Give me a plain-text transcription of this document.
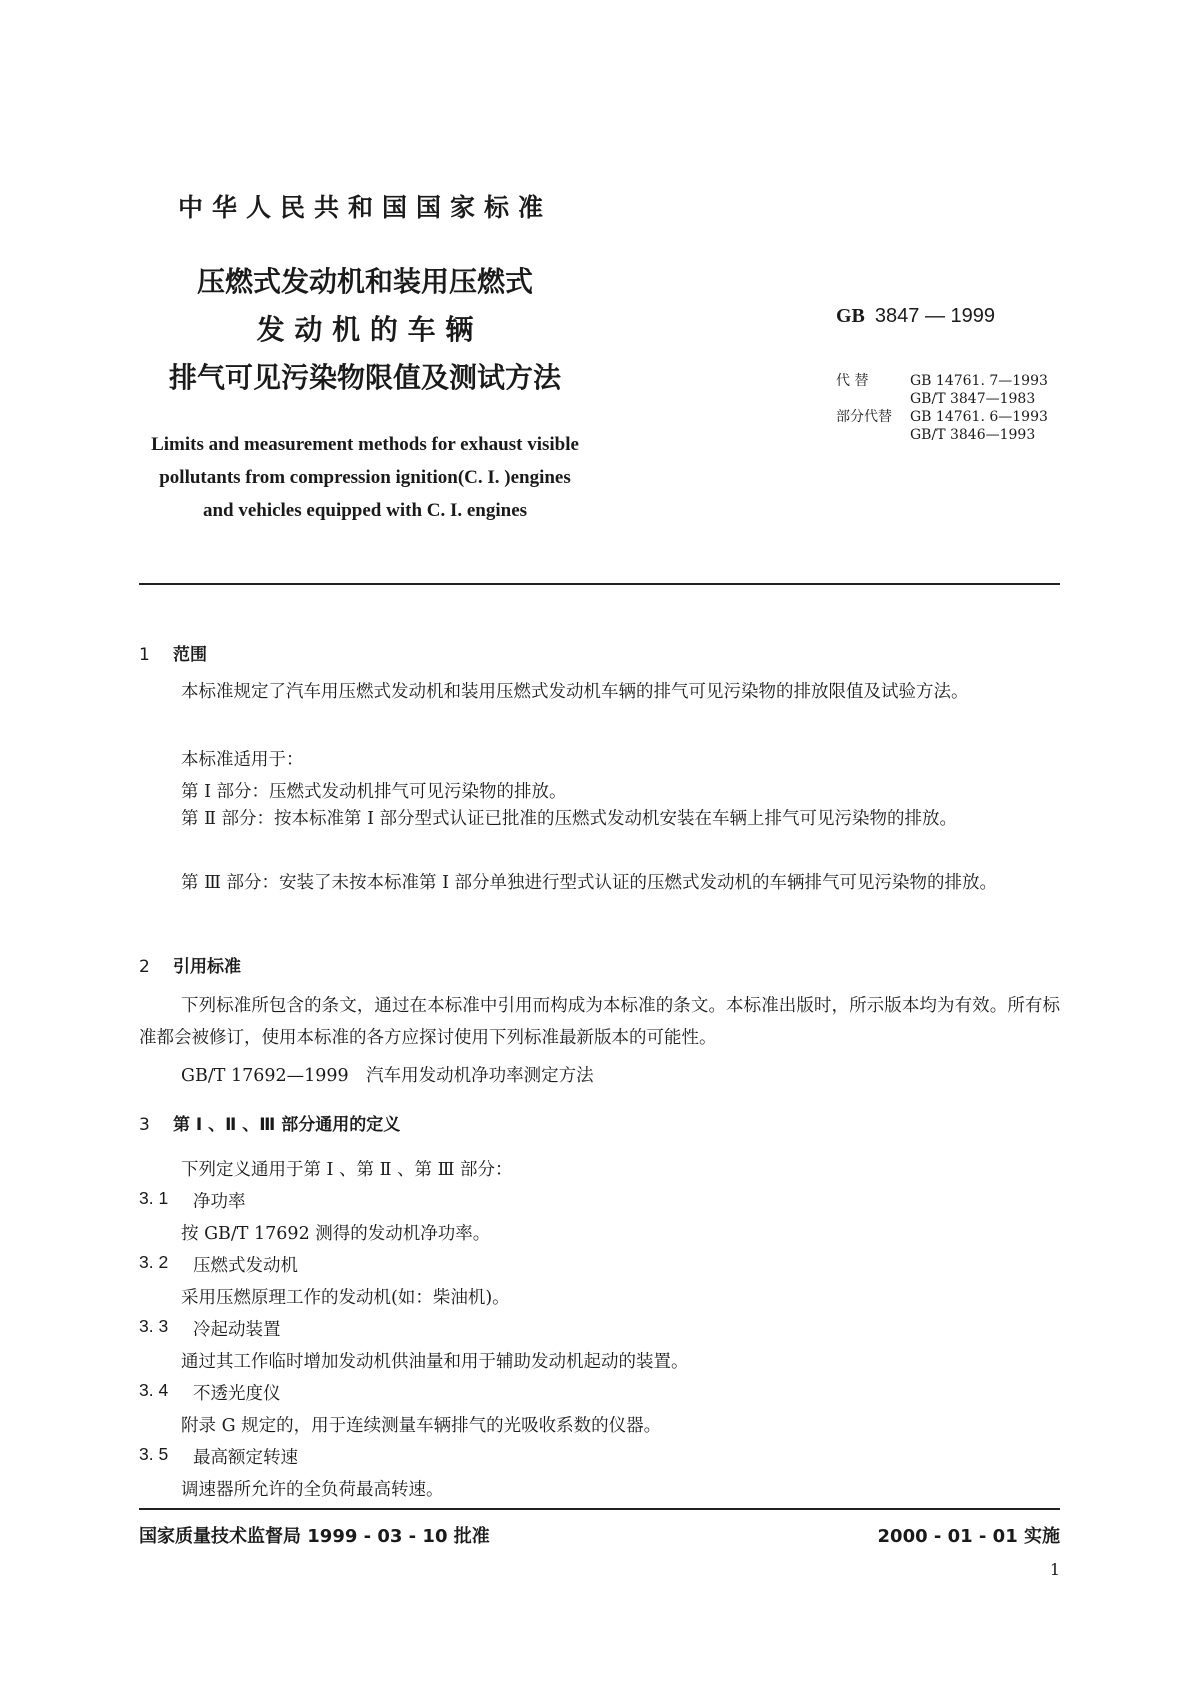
中华人民共和国国家标准
压燃式发动机和装用压燃式
发 动 机 的 车 辆
排气可见污染物限值及测试方法
Limits and measurement methods for exhaust visible
pollutants from compression ignition(C. I. )engines
and vehicles equipped with C. I. engines
GB 3847 — 1999
代 替	GB 14761. 7—1993
GB/T 3847—1983
部分代替 GB 14761. 6—1993
GB/T 3846—1993
1 范围
本标准规定了汽车用压燃式发动机和装用压燃式发动机车辆的排气可见污染物的排放限值及试验方法。
本标准适用于：
第 Ⅰ 部分：压燃式发动机排气可见污染物的排放。
第 Ⅱ 部分：按本标准第 Ⅰ 部分型式认证已批准的压燃式发动机安装在车辆上排气可见污染物的排放。
第 Ⅲ 部分：安装了未按本标准第 Ⅰ 部分单独进行型式认证的压燃式发动机的车辆排气可见污染物的排放。
2 引用标准
下列标准所包含的条文，通过在本标准中引用而构成为本标准的条文。本标准出版时，所示版本均为有效。所有标准都会被修订，使用本标准的各方应探讨使用下列标准最新版本的可能性。
GB/T 17692—1999　汽车用发动机净功率测定方法
3 第 Ⅰ 、Ⅱ 、Ⅲ 部分通用的定义
下列定义通用于第 Ⅰ 、第 Ⅱ 、第 Ⅲ 部分：
3. 1 净功率
按 GB/T 17692 测得的发动机净功率。
3. 2 压燃式发动机
采用压燃原理工作的发动机(如：柴油机)。
3. 3 冷起动装置
通过其工作临时增加发动机供油量和用于辅助发动机起动的装置。
3. 4 不透光度仪
附录 G 规定的，用于连续测量车辆排气的光吸收系数的仪器。
3. 5 最高额定转速
调速器所允许的全负荷最高转速。
国家质量技术监督局 1999 - 03 - 10 批准	2000 - 01 - 01 实施
1
